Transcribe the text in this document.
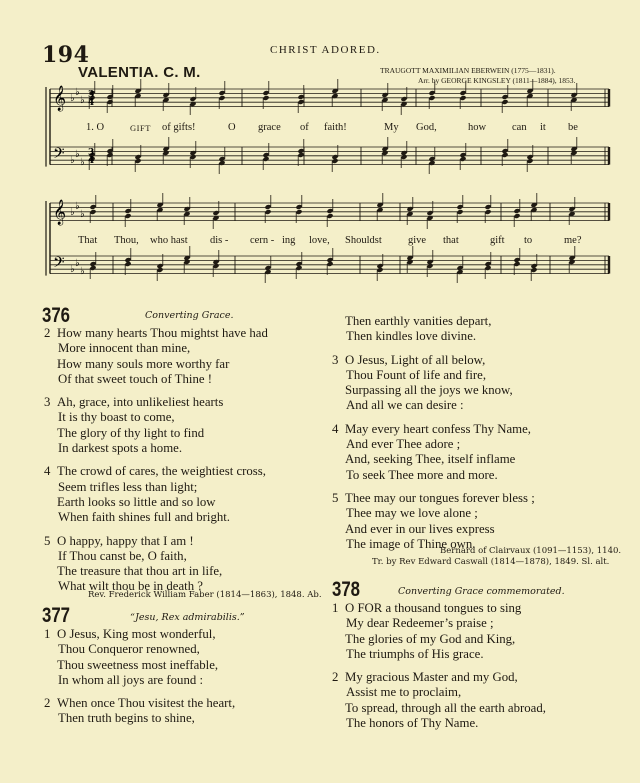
194	CHRIST ADORED.
VALENTIA. C. M.	TRAUGOTT MAXIMILIAN EBERWEIN (1775—1831).
Arr. by GEORGE KINGSLEY (1811—1884), 1853.
𝄞
𝄢
♭
♭
♭
♭
♭
♭
3
3
4
4
𝄞
𝄢
♭
♭
♭
♭
♭
♭
1. O	GIFT of gifts!	O grace of faith!	My God,	how can it be
That Thou, who hast dis - cern - ing love, Shouldst give that	gift to	me?
376	Converting Grace.
2 How many hearts Thou mightst have had
More innocent than mine,
How many souls more worthy far
Of that sweet touch of Thine !
3 Ah, grace, into unlikeliest hearts
It is thy boast to come,
The glory of thy light to find
In darkest spots a home.
4 The crowd of cares, the weightiest cross,
Seem trifles less than light;
Earth looks so little and so low
When faith shines full and bright.
5 O happy, happy that I am !
If Thou canst be, O faith,
The treasure that thou art in life,
What wilt thou be in death ?
Rev. Frederick William Faber (1814—1863), 1848. Ab.
377	“Jesu, Rex admirabilis.”
1 O Jesus, King most wonderful,
Thou Conqueror renowned,
Thou sweetness most ineffable,
In whom all joys are found :
2 When once Thou visitest the heart,
Then truth begins to shine,
Then earthly vanities depart,
Then kindles love divine.
3 O Jesus, Light of all below,
Thou Fount of life and fire,
Surpassing all the joys we know,
And all we can desire :
4 May every heart confess Thy Name,
And ever Thee adore ;
And, seeking Thee, itself inflame
To seek Thee more and more.
5 Thee may our tongues forever bless ;
Thee may we love alone ;
And ever in our lives express
The image of Thine own.
Bernard of Clairvaux (1091—1153), 1140.
Tr. by Rev Edward Caswall (1814—1878), 1849. Sl. alt.
378	Converting Grace commemorated.
1 O FOR a thousand tongues to sing
My dear Redeemer’s praise ;
The glories of my God and King,
The triumphs of His grace.
2 My gracious Master and my God,
Assist me to proclaim,
To spread, through all the earth abroad,
The honors of Thy Name.
